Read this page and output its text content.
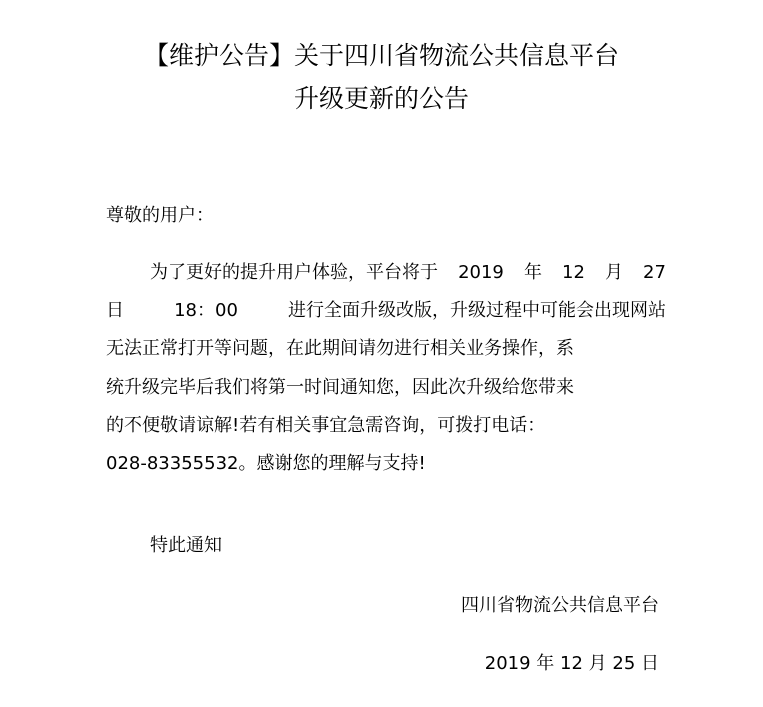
【维护公告】关于四川省物流公共信息平台
升级更新的公告
尊敬的用户：
为了更好的提升用户体验，平台将于 2019 年 12 月 27
日	18：00	进行全面升级改版，升级过程中可能会出现网站
无法正常打开等问题，在此期间请勿进行相关业务操作，系
统升级完毕后我们将第一时间通知您，因此次升级给您带来
的不便敬请谅解!若有相关事宜急需咨询，可拨打电话：
028-83355532。感谢您的理解与支持!
特此通知
四川省物流公共信息平台
2019 年 12 月 25 日
